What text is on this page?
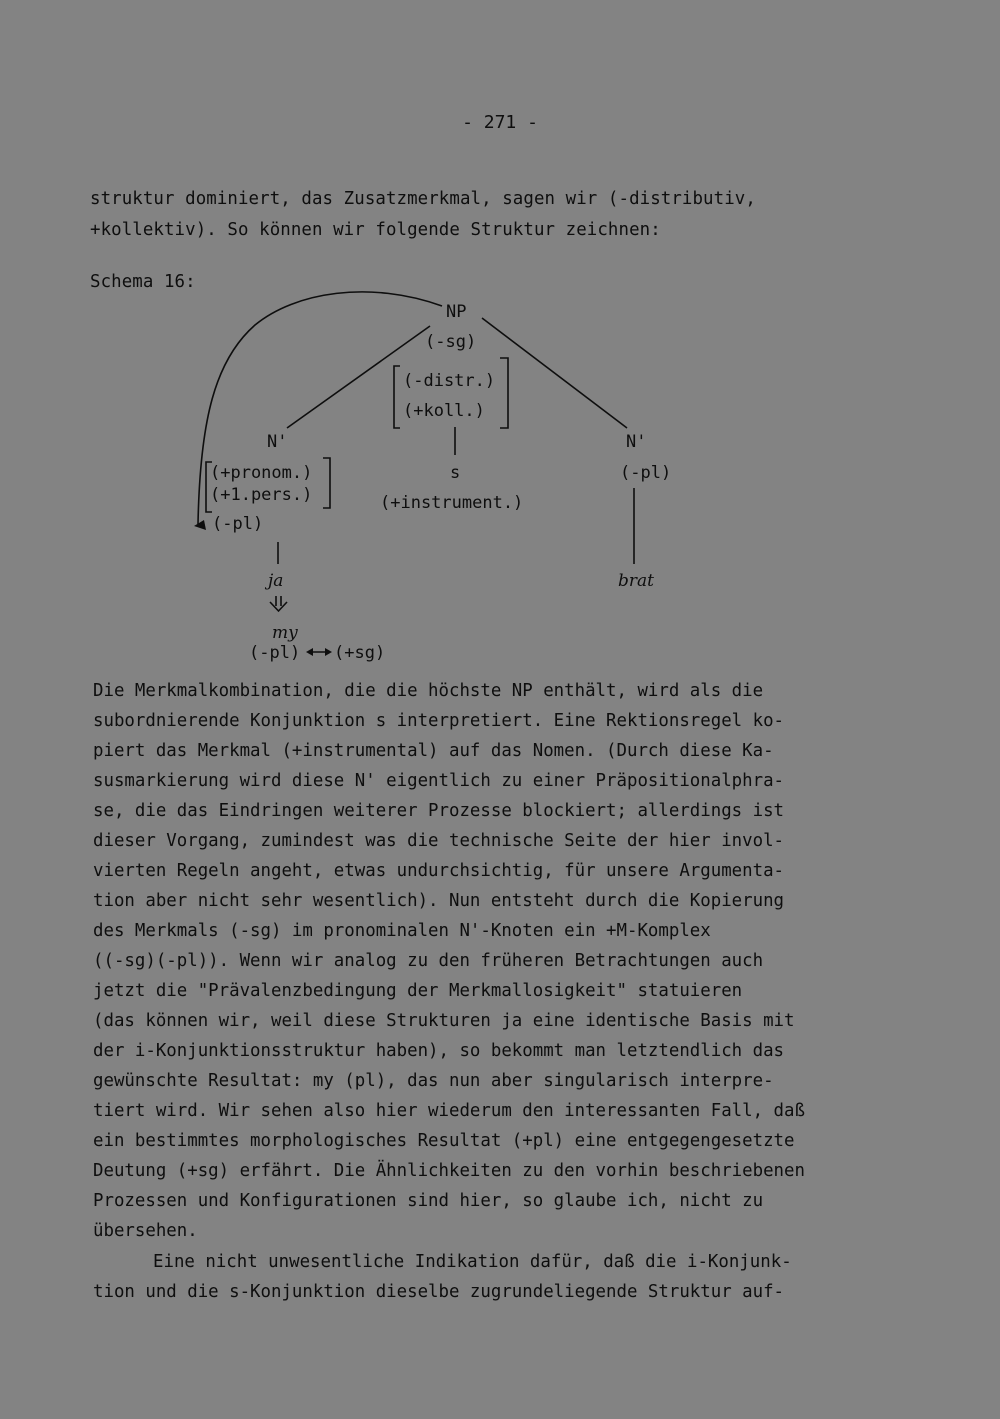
- 271 -
struktur dominiert, das Zusatzmerkmal, sagen wir (-distributiv,
+kollektiv). So können wir folgende Struktur zeichnen:
Schema 16:
NP
(-sg)
(-distr.)
(+koll.)
N'	N'
(+pronom.)
(+1.pers.)
(-pl)
s
(+instrument.)
(-pl)
ja	brat
my
(-pl) (+sg)
Die Merkmalkombination, die die höchste NP enthält, wird als die
subordnierende Konjunktion s interpretiert. Eine Rektionsregel ko-
piert das Merkmal (+instrumental) auf das Nomen. (Durch diese Ka-
susmarkierung wird diese N' eigentlich zu einer Präpositionalphra-
se, die das Eindringen weiterer Prozesse blockiert; allerdings ist
dieser Vorgang, zumindest was die technische Seite der hier invol-
vierten Regeln angeht, etwas undurchsichtig, für unsere Argumenta-
tion aber nicht sehr wesentlich). Nun entsteht durch die Kopierung
des Merkmals (-sg) im pronominalen N'-Knoten ein +M-Komplex
((-sg)(-pl)). Wenn wir analog zu den früheren Betrachtungen auch
jetzt die "Prävalenzbedingung der Merkmallosigkeit" statuieren
(das können wir, weil diese Strukturen ja eine identische Basis mit
der i-Konjunktionsstruktur haben), so bekommt man letztendlich das
gewünschte Resultat: my (pl), das nun aber singularisch interpre-
tiert wird. Wir sehen also hier wiederum den interessanten Fall, daß
ein bestimmtes morphologisches Resultat (+pl) eine entgegengesetzte
Deutung (+sg) erfährt. Die Ähnlichkeiten zu den vorhin beschriebenen
Prozessen und Konfigurationen sind hier, so glaube ich, nicht zu
übersehen.
Eine nicht unwesentliche Indikation dafür, daß die i-Konjunk-
tion und die s-Konjunktion dieselbe zugrundeliegende Struktur auf-
